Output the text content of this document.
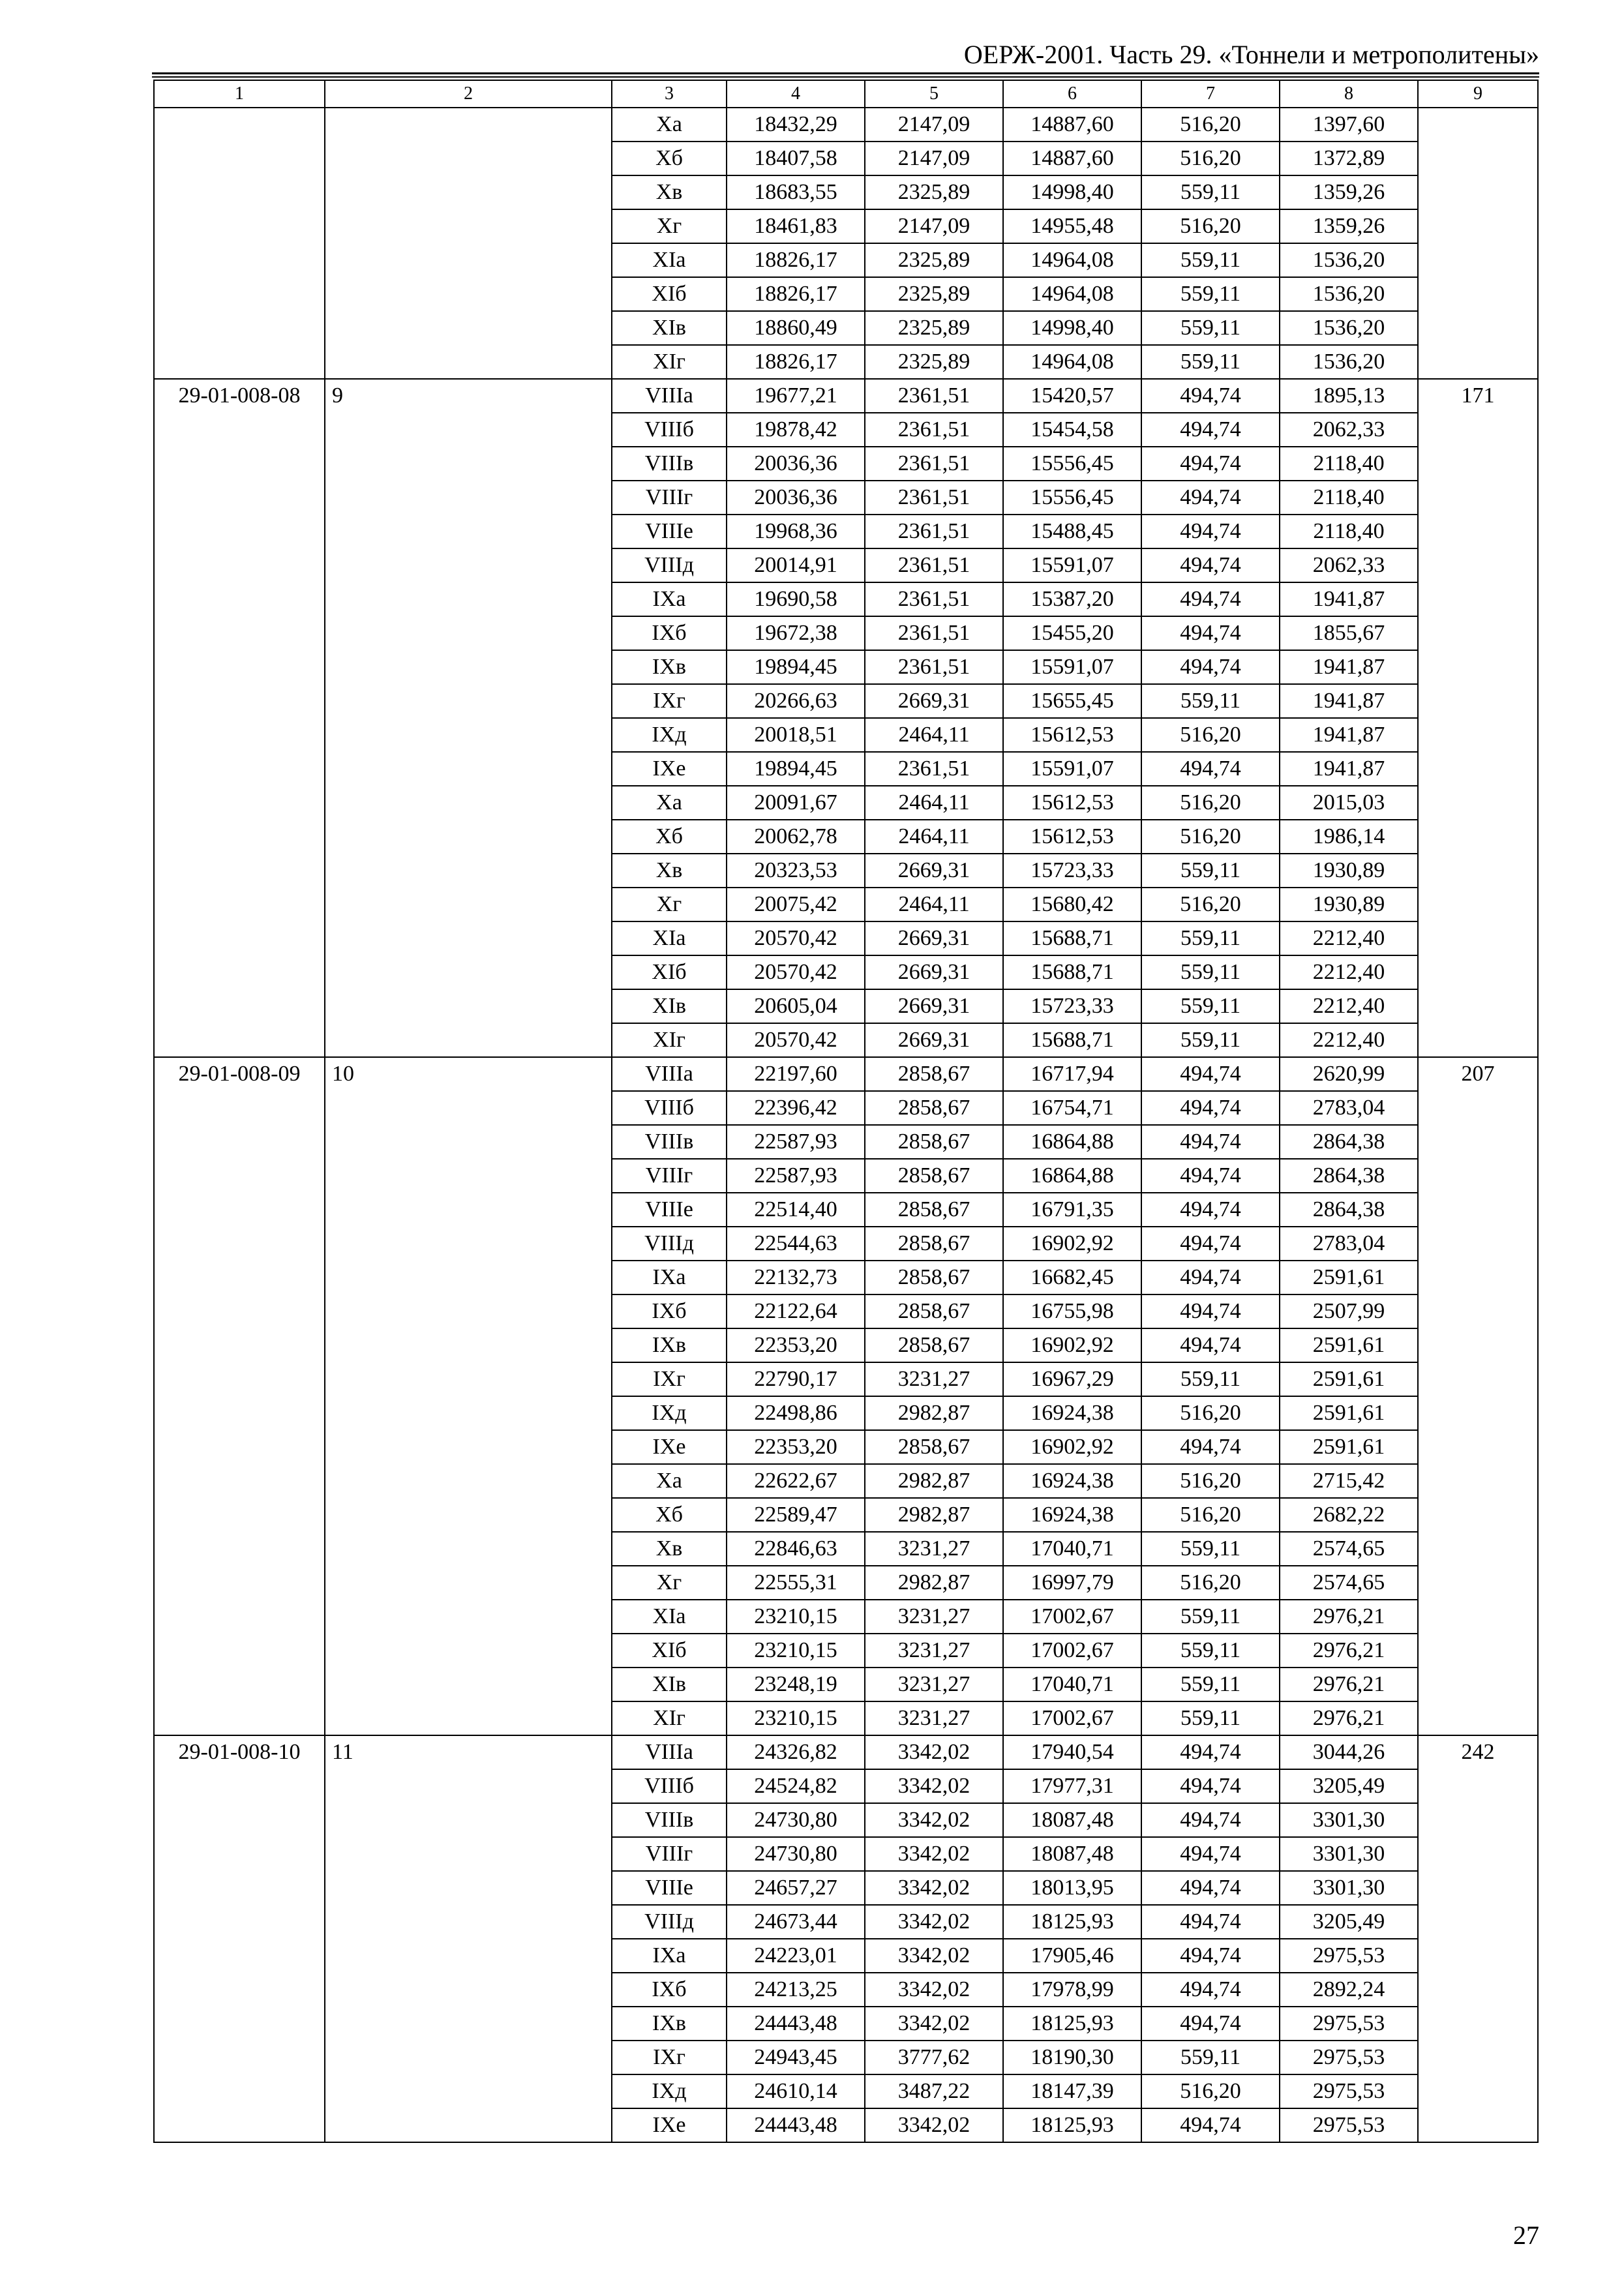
ОЕРЖ-2001. Часть 29. «Тоннели и метрополитены»
1	2	3	4	5	6	7	8	9
		Xa	18432,29	2147,09	14887,60	516,20	1397,60	
		Xб	18407,58	2147,09	14887,60	516,20	1372,89	
		Xв	18683,55	2325,89	14998,40	559,11	1359,26	
		Xг	18461,83	2147,09	14955,48	516,20	1359,26	
		XIa	18826,17	2325,89	14964,08	559,11	1536,20	
		XIб	18826,17	2325,89	14964,08	559,11	1536,20	
		XIв	18860,49	2325,89	14998,40	559,11	1536,20	
		XIг	18826,17	2325,89	14964,08	559,11	1536,20	
29-01-008-08	9	VIIIa	19677,21	2361,51	15420,57	494,74	1895,13	171
		VIIIб	19878,42	2361,51	15454,58	494,74	2062,33	
		VIIIв	20036,36	2361,51	15556,45	494,74	2118,40	
		VIIIг	20036,36	2361,51	15556,45	494,74	2118,40	
		VIIIe	19968,36	2361,51	15488,45	494,74	2118,40	
		VIIIд	20014,91	2361,51	15591,07	494,74	2062,33	
		IXa	19690,58	2361,51	15387,20	494,74	1941,87	
		IXб	19672,38	2361,51	15455,20	494,74	1855,67	
		IXв	19894,45	2361,51	15591,07	494,74	1941,87	
		IXг	20266,63	2669,31	15655,45	559,11	1941,87	
		IXд	20018,51	2464,11	15612,53	516,20	1941,87	
		IXe	19894,45	2361,51	15591,07	494,74	1941,87	
		Xa	20091,67	2464,11	15612,53	516,20	2015,03	
		Xб	20062,78	2464,11	15612,53	516,20	1986,14	
		Xв	20323,53	2669,31	15723,33	559,11	1930,89	
		Xг	20075,42	2464,11	15680,42	516,20	1930,89	
		XIa	20570,42	2669,31	15688,71	559,11	2212,40	
		XIб	20570,42	2669,31	15688,71	559,11	2212,40	
		XIв	20605,04	2669,31	15723,33	559,11	2212,40	
		XIг	20570,42	2669,31	15688,71	559,11	2212,40	
29-01-008-09	10	VIIIa	22197,60	2858,67	16717,94	494,74	2620,99	207
		VIIIб	22396,42	2858,67	16754,71	494,74	2783,04	
		VIIIв	22587,93	2858,67	16864,88	494,74	2864,38	
		VIIIг	22587,93	2858,67	16864,88	494,74	2864,38	
		VIIIe	22514,40	2858,67	16791,35	494,74	2864,38	
		VIIIд	22544,63	2858,67	16902,92	494,74	2783,04	
		IXa	22132,73	2858,67	16682,45	494,74	2591,61	
		IXб	22122,64	2858,67	16755,98	494,74	2507,99	
		IXв	22353,20	2858,67	16902,92	494,74	2591,61	
		IXг	22790,17	3231,27	16967,29	559,11	2591,61	
		IXд	22498,86	2982,87	16924,38	516,20	2591,61	
		IXe	22353,20	2858,67	16902,92	494,74	2591,61	
		Xa	22622,67	2982,87	16924,38	516,20	2715,42	
		Xб	22589,47	2982,87	16924,38	516,20	2682,22	
		Xв	22846,63	3231,27	17040,71	559,11	2574,65	
		Xг	22555,31	2982,87	16997,79	516,20	2574,65	
		XIa	23210,15	3231,27	17002,67	559,11	2976,21	
		XIб	23210,15	3231,27	17002,67	559,11	2976,21	
		XIв	23248,19	3231,27	17040,71	559,11	2976,21	
		XIг	23210,15	3231,27	17002,67	559,11	2976,21	
29-01-008-10	11	VIIIa	24326,82	3342,02	17940,54	494,74	3044,26	242
		VIIIб	24524,82	3342,02	17977,31	494,74	3205,49	
		VIIIв	24730,80	3342,02	18087,48	494,74	3301,30	
		VIIIг	24730,80	3342,02	18087,48	494,74	3301,30	
		VIIIe	24657,27	3342,02	18013,95	494,74	3301,30	
		VIIIд	24673,44	3342,02	18125,93	494,74	3205,49	
		IXa	24223,01	3342,02	17905,46	494,74	2975,53	
		IXб	24213,25	3342,02	17978,99	494,74	2892,24	
		IXв	24443,48	3342,02	18125,93	494,74	2975,53	
		IXг	24943,45	3777,62	18190,30	559,11	2975,53	
		IXд	24610,14	3487,22	18147,39	516,20	2975,53	
		IXe	24443,48	3342,02	18125,93	494,74	2975,53	
27
